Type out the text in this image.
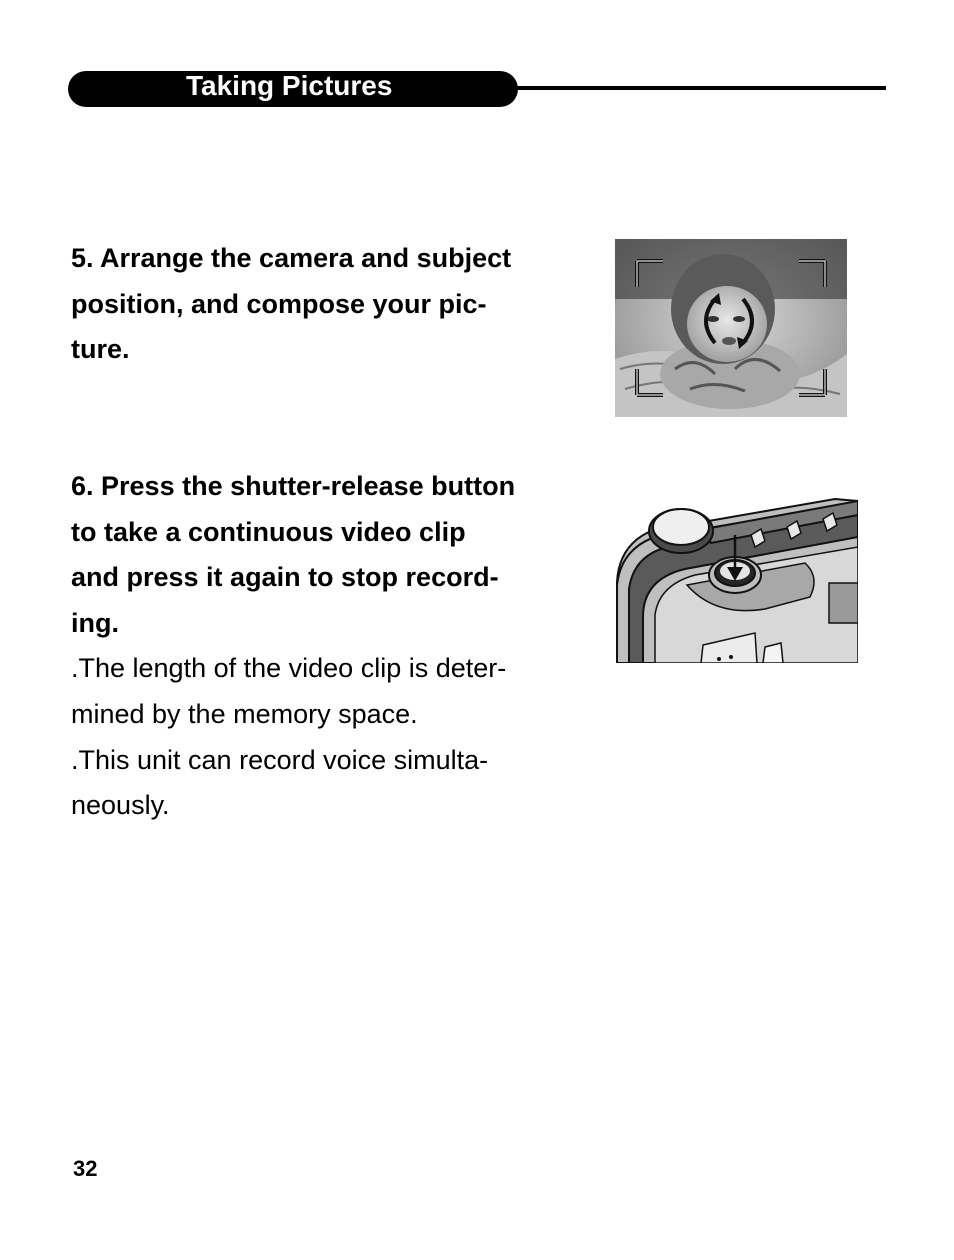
Taking Pictures
5. Arrange the camera and subject
position, and compose your pic-
ture.
6. Press the shutter-release button
to take a continuous video clip
and press it again to stop record-
ing.
.The length of the video clip is deter-
mined by the memory space.
.This unit can record voice simulta-
neously.
32
